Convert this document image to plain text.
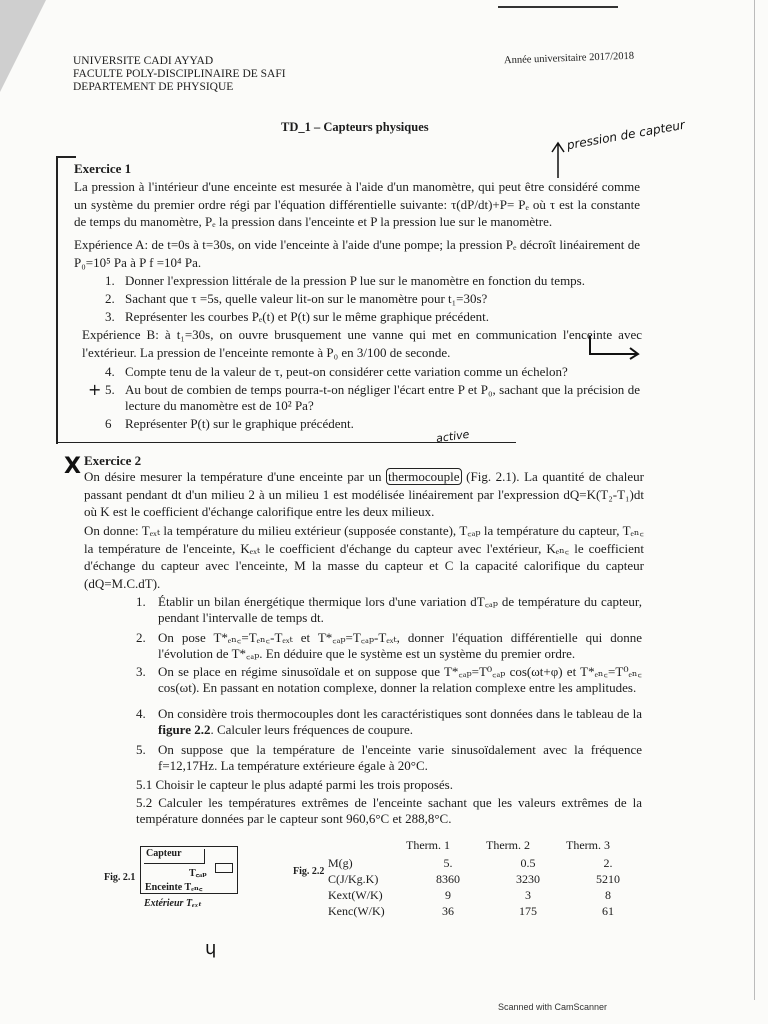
UNIVERSITE CADI AYYAD
FACULTE POLY-DISCIPLINAIRE DE SAFI
DEPARTEMENT DE PHYSIQUE
Année universitaire 2017/2018
TD_1 – Capteurs physiques	pression de capteur
Exercice 1
La pression à l'intérieur d'une enceinte est mesurée à l'aide d'un manomètre, qui peut être considéré comme un système du premier ordre régi par l'équation différentielle suivante: τ(dP/dt)+P= Pₑ où τ est la constante de temps du manomètre, Pₑ la pression dans l'enceinte et P la pression lue sur le manomètre.
Expérience A: de t=0s à t=30s, on vide l'enceinte à l'aide d'une pompe; la pression Pₑ décroît linéairement de P₀=10⁵ Pa à P f =10⁴ Pa.
1. Donner l'expression littérale de la pression P lue sur le manomètre en fonction du temps.
2. Sachant que τ =5s, quelle valeur lit-on sur le manomètre pour t₁=30s?
3. Représenter les courbes Pₑ(t) et P(t) sur le même graphique précédent.
Expérience B: à t₁=30s, on ouvre brusquement une vanne qui met en communication l'enceinte avec l'extérieur. La pression de l'enceinte remonte à P₀ en 3/100 de seconde.
4. Compte tenu de la valeur de τ, peut-on considérer cette variation comme un échelon?
+ 5. Au bout de combien de temps pourra-t-on négliger l'écart entre P et P₀, sachant que la précision de lecture du manomètre est de 10² Pa?
6 Représenter P(t) sur le graphique précédent.
X
active
Exercice 2
On désire mesurer la température d'une enceinte par un thermocouple (Fig. 2.1). La quantité de chaleur passant pendant dt d'un milieu 2 à un milieu 1 est modélisée linéairement par l'expression dQ=K(T₂-T₁)dt où K est le coefficient d'échange calorifique entre les deux milieux.
On donne: Tₑₓₜ la température du milieu extérieur (supposée constante), T꜀ₐₚ la température du capteur, Tₑₙ꜀ la température de l'enceinte, Kₑₓₜ le coefficient d'échange du capteur avec l'extérieur, Kₑₙ꜀ le coefficient d'échange du capteur avec l'enceinte, M la masse du capteur et C la capacité calorifique du capteur (dQ=M.C.dT).
1. Établir un bilan énergétique thermique lors d'une variation dT꜀ₐₚ de température du capteur, pendant l'intervalle de temps dt.
2. On pose T*ₑₙ꜀=Tₑₙ꜀-Tₑₓₜ et T*꜀ₐₚ=T꜀ₐₚ-Tₑₓₜ, donner l'équation différentielle qui donne l'évolution de T*꜀ₐₚ. En déduire que le système est un système du premier ordre.
3. On se place en régime sinusoïdale et on suppose que T*꜀ₐₚ=T⁰꜀ₐₚ cos(ωt+φ) et T*ₑₙ꜀=T⁰ₑₙ꜀ cos(ωt). En passant en notation complexe, donner la relation complexe entre les amplitudes.
4. On considère trois thermocouples dont les caractéristiques sont données dans le tableau de la figure 2.2. Calculer leurs fréquences de coupure.
5. On suppose que la température de l'enceinte varie sinusoïdalement avec la fréquence f=12,17Hz. La température extérieure égale à 20°C.
5.1 Choisir le capteur le plus adapté parmi les trois proposés.
5.2 Calculer les températures extrêmes de l'enceinte sachant que les valeurs extrêmes de la température données par le capteur sont 960,6°C et 288,8°C.
Fig. 2.1
Capteur
T꜀ₐₚ
Enceinte Tₑₙ꜀
Extérieur Tₑₓₜ
Fig. 2.2
Therm. 1	Therm. 2	Therm. 3
M(g)	5.	0.5	2.
C(J/Kg.K)	8360	3230	5210
Kext(W/K)	9	3	8
Kenc(W/K)	36	175	61
ɥ
Scanned with CamScanner
